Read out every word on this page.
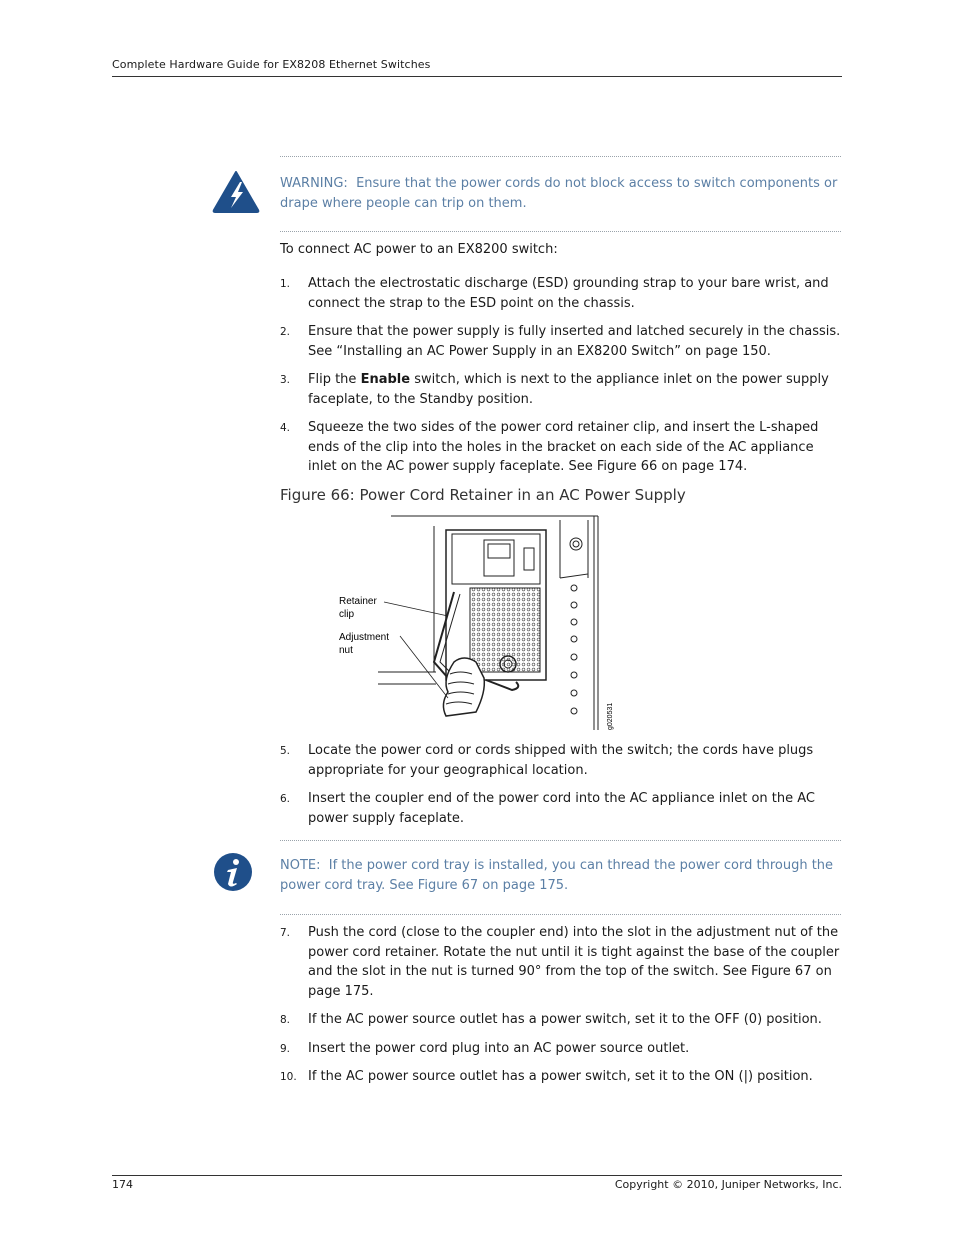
Complete Hardware Guide for EX8208 Ethernet Switches
WARNING: Ensure that the power cords do not block access to switch components or drape where people can trip on them.
To connect AC power to an EX8200 switch:
1. Attach the electrostatic discharge (ESD) grounding strap to your bare wrist, and connect the strap to the ESD point on the chassis.
2. Ensure that the power supply is fully inserted and latched securely in the chassis. See “Installing an AC Power Supply in an EX8200 Switch” on page 150.
3. Flip the Enable switch, which is next to the appliance inlet on the power supply faceplate, to the Standby position.
4. Squeeze the two sides of the power cord retainer clip, and insert the L-shaped ends of the clip into the holes in the bracket on each side of the AC appliance inlet on the AC power supply faceplate. See Figure 66 on page 174.
Figure 66: Power Cord Retainer in an AC Power Supply
Retainer
clip
Adjustment
nut
g020531
5. Locate the power cord or cords shipped with the switch; the cords have plugs appropriate for your geographical location.
6. Insert the coupler end of the power cord into the AC appliance inlet on the AC power supply faceplate.
NOTE: If the power cord tray is installed, you can thread the power cord through the power cord tray. See Figure 67 on page 175.
7. Push the cord (close to the coupler end) into the slot in the adjustment nut of the power cord retainer. Rotate the nut until it is tight against the base of the coupler and the slot in the nut is turned 90° from the top of the switch. See Figure 67 on page 175.
8. If the AC power source outlet has a power switch, set it to the OFF (0) position.
9. Insert the power cord plug into an AC power source outlet.
10. If the AC power source outlet has a power switch, set it to the ON (|) position.
174	Copyright © 2010, Juniper Networks, Inc.
